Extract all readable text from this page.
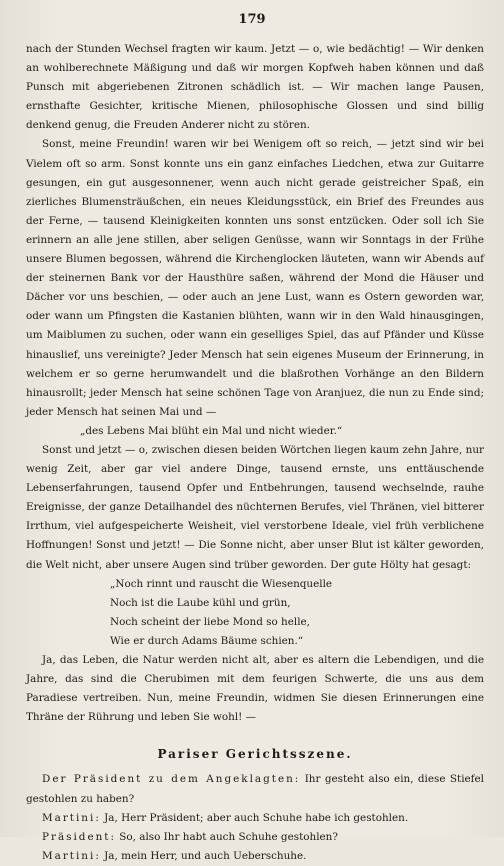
179

nach der Stunden Wechsel fragten wir kaum. Jetzt — o, wie bedächtig! — Wir denken an wohlberechnete Mäßigung und daß wir morgen Kopfweh haben können und daß Punsch mit abgeriebenen Zitronen schädlich ist. — Wir machen lange Pausen, ernsthafte Gesichter, kritische Mienen, philosophische Glossen und sind billig denkend genug, die Freuden Anderer nicht zu stören.

Sonst, meine Freundin! waren wir bei Wenigem oft so reich, — jetzt sind wir bei Vielem oft so arm. Sonst konnte uns ein ganz einfaches Liedchen, etwa zur Guitarre gesungen, ein gut ausgesonnener, wenn auch nicht gerade geistreicher Spaß, ein zierliches Blumensträußchen, ein neues Kleidungsstück, ein Brief des Freundes aus der Ferne, — tausend Kleinigkeiten konnten uns sonst entzücken. Oder soll ich Sie erinnern an alle jene stillen, aber seligen Genüsse, wann wir Sonntags in der Frühe unsere Blumen begossen, während die Kirchenglocken läuteten, wann wir Abends auf der steinernen Bank vor der Hausthüre saßen, während der Mond die Häuser und Dächer vor uns beschien, — oder auch an jene Lust, wann es Ostern geworden war, oder wann um Pfingsten die Kastanien blühten, wann wir in den Wald hinausgingen, um Maiblumen zu suchen, oder wann ein geselliges Spiel, das auf Pfänder und Küsse hinauslief, uns vereinigte? Jeder Mensch hat sein eigenes Museum der Erinnerung, in welchem er so gerne herumwandelt und die blaßrothen Vorhänge an den Bildern hinausrollt; jeder Mensch hat seine schönen Tage von Aranjuez, die nun zu Ende sind; jeder Mensch hat seinen Mai und —

„des Lebens Mai blüht ein Mal und nicht wieder.“

Sonst und jetzt — o, zwischen diesen beiden Wörtchen liegen kaum zehn Jahre, nur wenig Zeit, aber gar viel andere Dinge, tausend ernste, uns enttäuschende Lebenserfahrungen, tausend Opfer und Entbehrungen, tausend wechselnde, rauhe Ereignisse, der ganze Detailhandel des nüchternen Berufes, viel Thränen, viel bitterer Irrthum, viel aufgespeicherte Weisheit, viel verstorbene Ideale, viel früh verblichene Hoffnungen! Sonst und jetzt! — Die Sonne nicht, aber unser Blut ist kälter geworden, die Welt nicht, aber unsere Augen sind trüber geworden. Der gute Hölty hat gesagt:

„Noch rinnt und rauscht die Wiesenquelle

Noch ist die Laube kühl und grün,

Noch scheint der liebe Mond so helle,

Wie er durch Adams Bäume schien.“

Ja, das Leben, die Natur werden nicht alt, aber es altern die Lebendigen, und die Jahre, das sind die Cherubimen mit dem feurigen Schwerte, die uns aus dem Paradiese vertreiben. Nun, meine Freundin, widmen Sie diesen Erinnerungen eine Thräne der Rührung und leben Sie wohl! —

Pariser Gerichtsszene.

Der Präsident zu dem Angeklagten: Ihr gesteht also ein, diese Stiefel gestohlen zu haben?

Martini: Ja, Herr Präsident; aber auch Schuhe habe ich gestohlen.

Präsident: So, also Ihr habt auch Schuhe gestohlen?

Martini: Ja, mein Herr, und auch Ueberschuhe.
